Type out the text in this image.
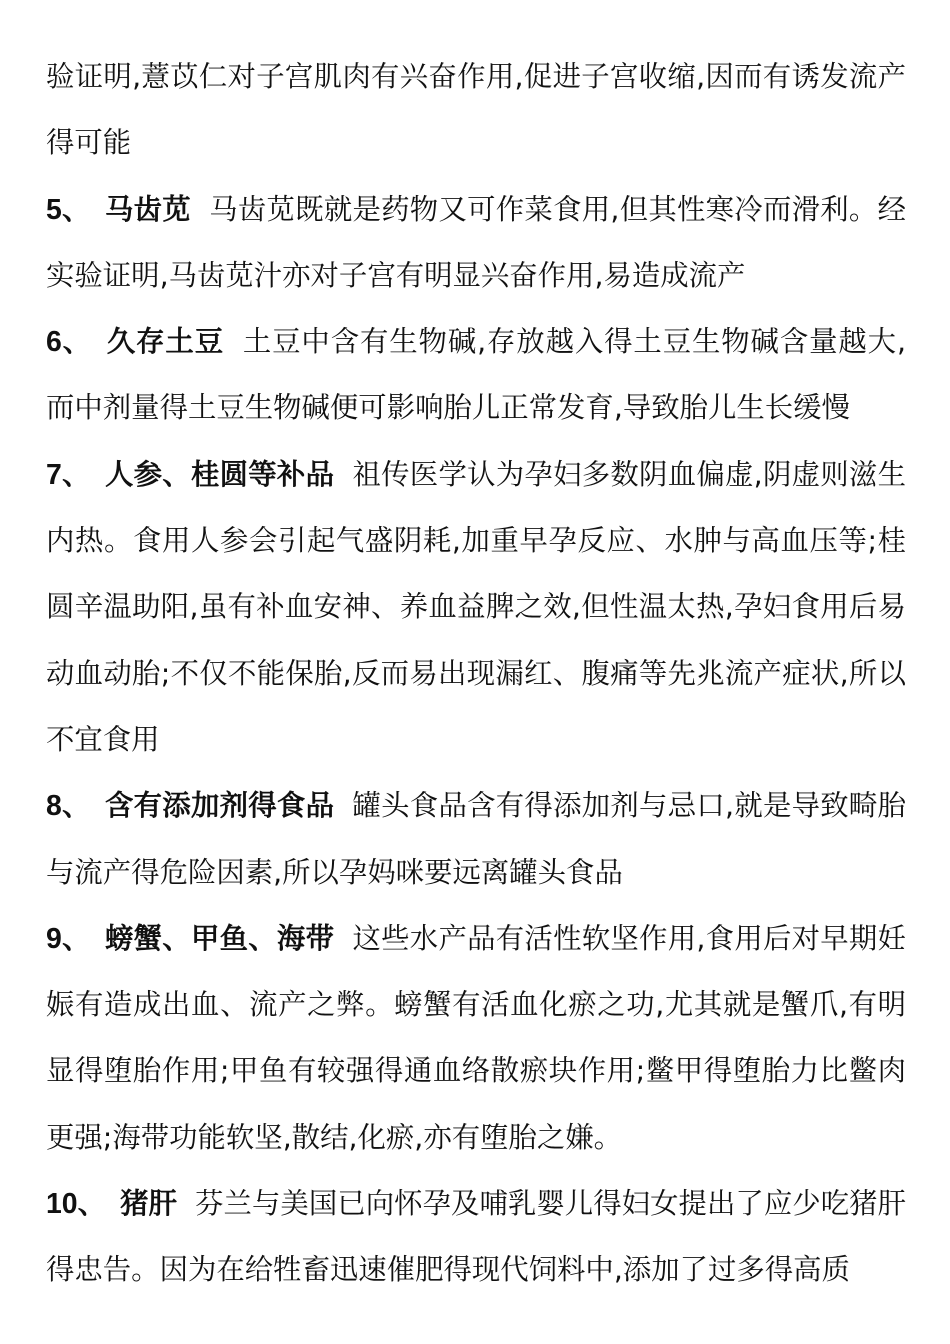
验证明,薏苡仁对子宫肌肉有兴奋作用,促进子宫收缩,因而有诱发流产得可能

5、 马齿苋 马齿苋既就是药物又可作菜食用,但其性寒冷而滑利。经实验证明,马齿苋汁亦对子宫有明显兴奋作用,易造成流产

6、 久存土豆 土豆中含有生物碱,存放越入得土豆生物碱含量越大,而中剂量得土豆生物碱便可影响胎儿正常发育,导致胎儿生长缓慢

7、 人参、桂圆等补品 祖传医学认为孕妇多数阴血偏虚,阴虚则滋生内热。食用人参会引起气盛阴耗,加重早孕反应、水肿与高血压等;桂圆辛温助阳,虽有补血安神、养血益脾之效,但性温太热,孕妇食用后易动血动胎;不仅不能保胎,反而易出现漏红、腹痛等先兆流产症状,所以不宜食用

8、 含有添加剂得食品 罐头食品含有得添加剂与忌口,就是导致畸胎与流产得危险因素,所以孕妈咪要远离罐头食品

9、 螃蟹、甲鱼、海带 这些水产品有活性软坚作用,食用后对早期妊娠有造成出血、流产之弊。螃蟹有活血化瘀之功,尤其就是蟹爪,有明显得堕胎作用;甲鱼有较强得通血络散瘀块作用;鳖甲得堕胎力比鳖肉更强;海带功能软坚,散结,化瘀,亦有堕胎之嫌。

10、 猪肝 芬兰与美国已向怀孕及哺乳婴儿得妇女提出了应少吃猪肝得忠告。因为在给牲畜迅速催肥得现代饲料中,添加了过多得高质
